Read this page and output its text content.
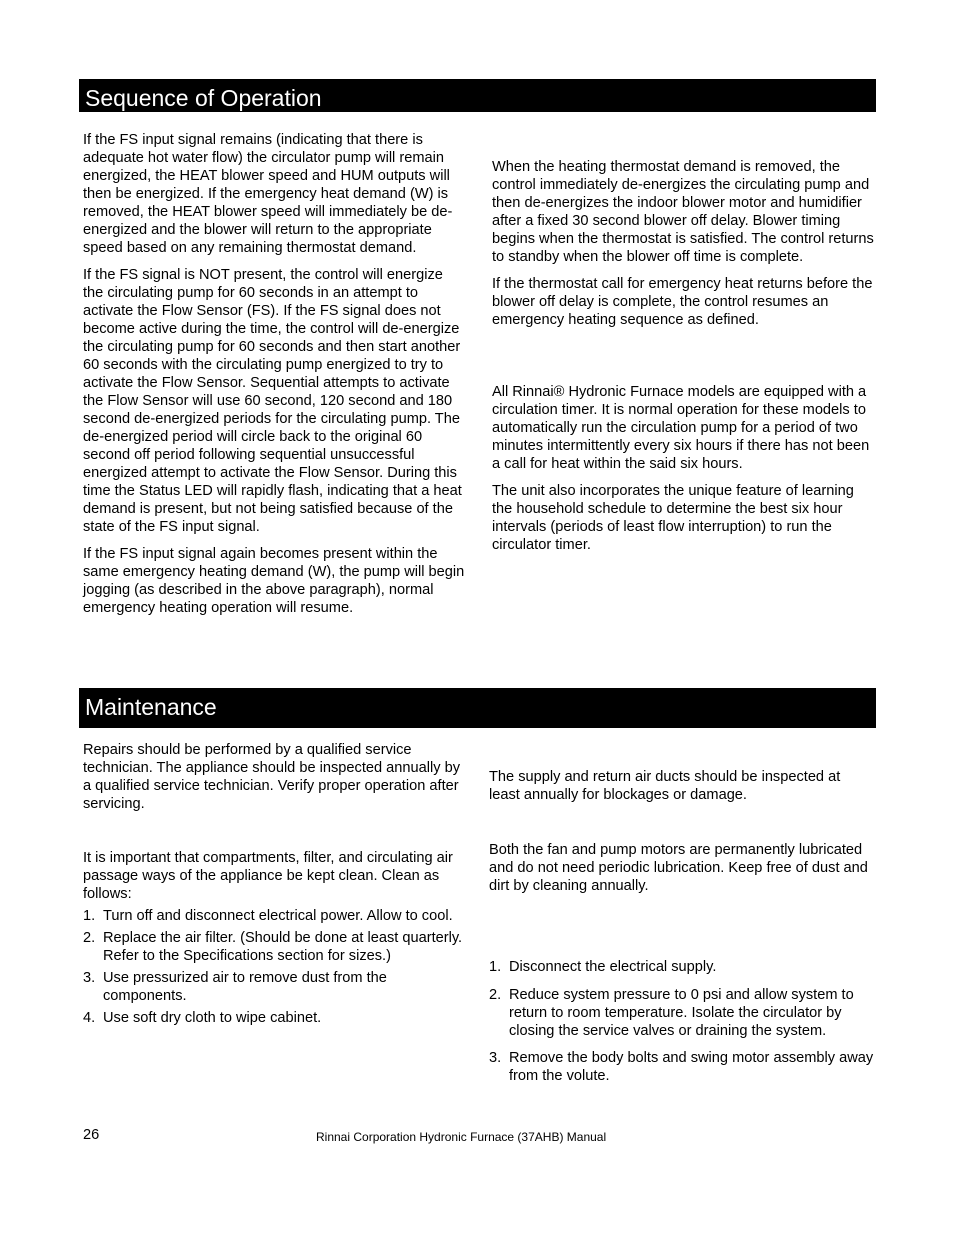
Sequence of Operation

If the FS input signal remains (indicating that there is adequate hot water flow) the circulator pump will remain energized, the HEAT blower speed and HUM outputs will then be energized. If the emergency heat demand (W) is removed, the HEAT blower speed will immediately be de-energized and the blower will return to the appropriate speed based on any remaining thermostat demand.

If the FS signal is NOT present, the control will energize the circulating pump for 60 seconds in an attempt to activate the Flow Sensor (FS). If the FS signal does not become active during the time, the control will de-energize the circulating pump for 60 seconds and then start another 60 seconds with the circulating pump energized to try to activate the Flow Sensor. Sequential attempts to activate the Flow Sensor will use 60 second, 120 second and 180 second de-energized periods for the circulating pump. The de-energized period will circle back to the original 60 second off period following sequential unsuccessful energized attempt to activate the Flow Sensor. During this time the Status LED will rapidly flash, indicating that a heat demand is present, but not being satisfied because of the state of the FS input signal.

If the FS input signal again becomes present within the same emergency heating demand (W), the pump will begin jogging (as described in the above paragraph), normal emergency heating operation will resume.

When the heating thermostat demand is removed, the control immediately de-energizes the circulating pump and then de-energizes the indoor blower motor and humidifier after a fixed 30 second blower off delay. Blower timing begins when the thermostat is satisfied. The control returns to standby when the blower off time is complete.

If the thermostat call for emergency heat returns before the blower off delay is complete, the control resumes an emergency heating sequence as defined.

All Rinnai® Hydronic Furnace models are equipped with a circulation timer. It is normal operation for these models to automatically run the circulation pump for a period of two minutes intermittently every six hours if there has not been a call for heat within the said six hours.

The unit also incorporates the unique feature of learning the household schedule to determine the best six hour intervals (periods of least flow interruption) to run the circulator timer.

Maintenance

Repairs should be performed by a qualified service technician. The appliance should be inspected annually by a qualified service technician. Verify proper operation after servicing.

It is important that compartments, filter, and circulating air passage ways of the appliance be kept clean. Clean as follows:

1. Turn off and disconnect electrical power. Allow to cool.
2. Replace the air filter. (Should be done at least quarterly. Refer to the Specifications section for sizes.)
3. Use pressurized air to remove dust from the components.
4. Use soft dry cloth to wipe cabinet.

The supply and return air ducts should be inspected at least annually for blockages or damage.

Both the fan and pump motors are permanently lubricated and do not need periodic lubrication. Keep free of dust and dirt by cleaning annually.

1. Disconnect the electrical supply.
2. Reduce system pressure to 0 psi and allow system to return to room temperature. Isolate the circulator by closing the service valves or draining the system.
3. Remove the body bolts and swing motor assembly away from the volute.
26	Rinnai Corporation Hydronic Furnace (37AHB) Manual
